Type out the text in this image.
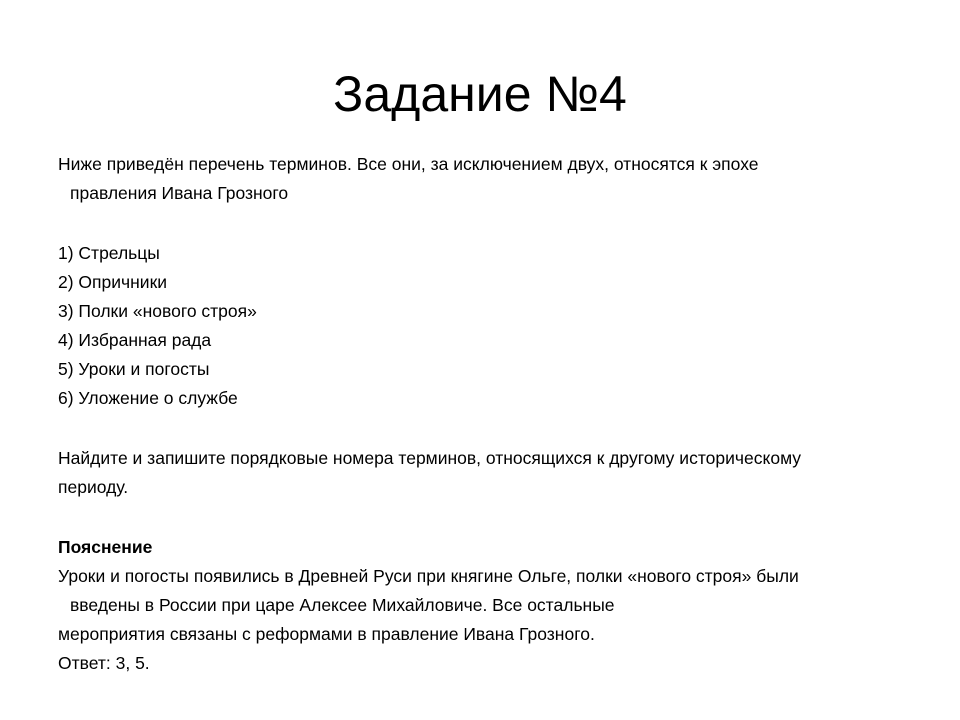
Задание №4

Ниже приведён перечень терминов. Все они, за исключением двух, относятся к эпохе
правления Ивана Грозного

1) Стрельцы
2) Опричники
3) Полки «нового строя»
4) Избранная рада
5) Уроки и погосты
6) Уложение о службе

Найдите и запишите порядковые номера терминов, относящихся к другому историческому
периоду.

Пояснение

Уроки и погосты появились в Древней Руси при княгине Ольге, полки «нового строя» были
введены в России при царе Алексее Михайловиче. Все остальные

мероприятия связаны с реформами в правление Ивана Грозного.

Ответ: 3, 5.
